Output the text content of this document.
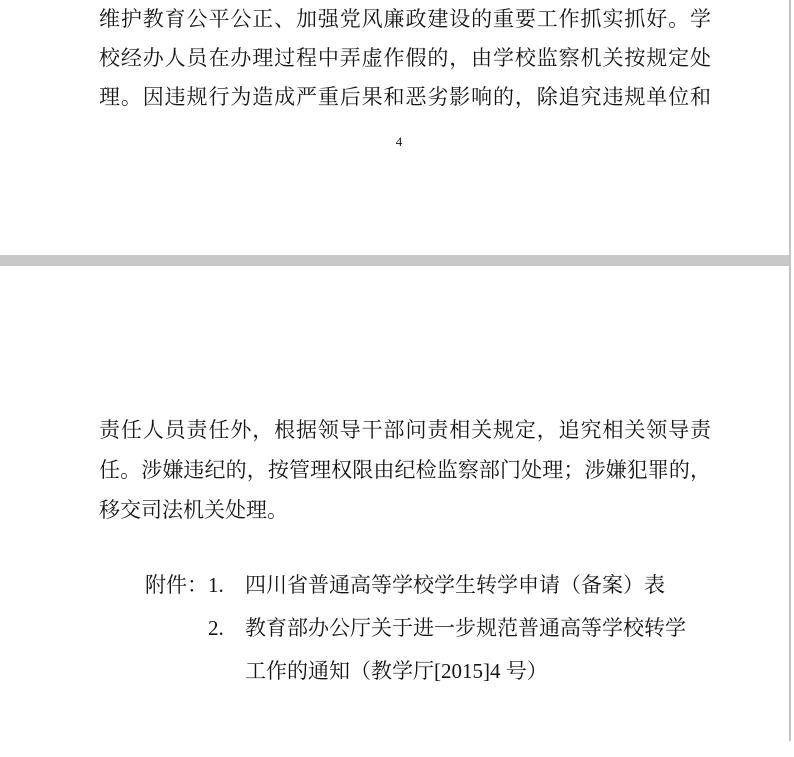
维护教育公平公正、加强党风廉政建设的重要工作抓实抓好。学
校经办人员在办理过程中弄虚作假的，由学校监察机关按规定处
理。因违规行为造成严重后果和恶劣影响的，除追究违规单位和
4
责任人员责任外，根据领导干部问责相关规定，追究相关领导责
任。涉嫌违纪的，按管理权限由纪检监察部门处理；涉嫌犯罪的，
移交司法机关处理。
附件： 1. 四川省普通高等学校学生转学申请（备案）表
2. 教育部办公厅关于进一步规范普通高等学校转学
工作的通知（教学厅[2015]4 号）
